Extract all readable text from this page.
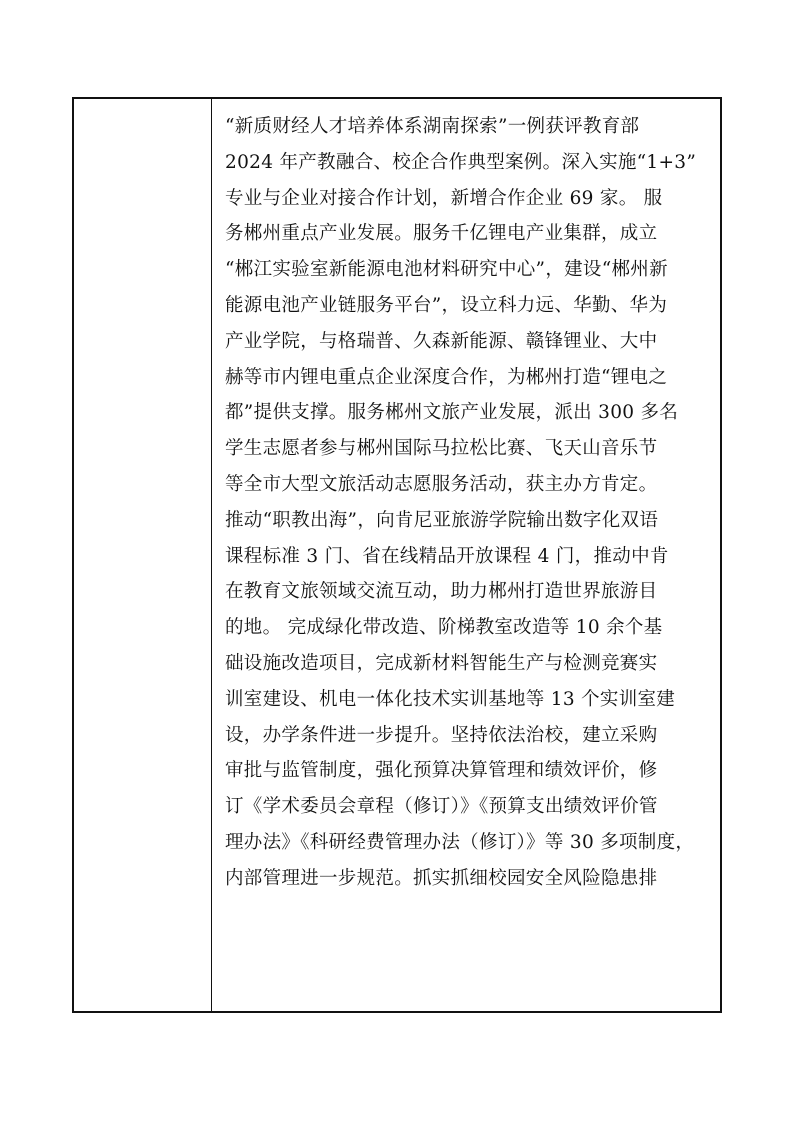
“新质财经人才培养体系湖南探索”一例获评教育部
2024 年产教融合、校企合作典型案例。深入实施“1+3”
专业与企业对接合作计划，新增合作企业 69 家。 服
务郴州重点产业发展。服务千亿锂电产业集群，成立
“郴江实验室新能源电池材料研究中心”，建设“郴州新
能源电池产业链服务平台”，设立科力远、华勤、华为
产业学院，与格瑞普、久森新能源、赣锋锂业、大中
赫等市内锂电重点企业深度合作，为郴州打造“锂电之
都”提供支撑。服务郴州文旅产业发展，派出 300 多名
学生志愿者参与郴州国际马拉松比赛、飞天山音乐节
等全市大型文旅活动志愿服务活动，获主办方肯定。
推动“职教出海”，向肯尼亚旅游学院输出数字化双语
课程标准 3 门、省在线精品开放课程 4 门，推动中肯
在教育文旅领域交流互动，助力郴州打造世界旅游目
的地。 完成绿化带改造、阶梯教室改造等 10 余个基
础设施改造项目，完成新材料智能生产与检测竞赛实
训室建设、机电一体化技术实训基地等 13 个实训室建
设，办学条件进一步提升。坚持依法治校，建立采购
审批与监管制度，强化预算决算管理和绩效评价，修
订《学术委员会章程（修订）》《预算支出绩效评价管
理办法》《科研经费管理办法（修订）》等 30 多项制度，
内部管理进一步规范。抓实抓细校园安全风险隐患排
